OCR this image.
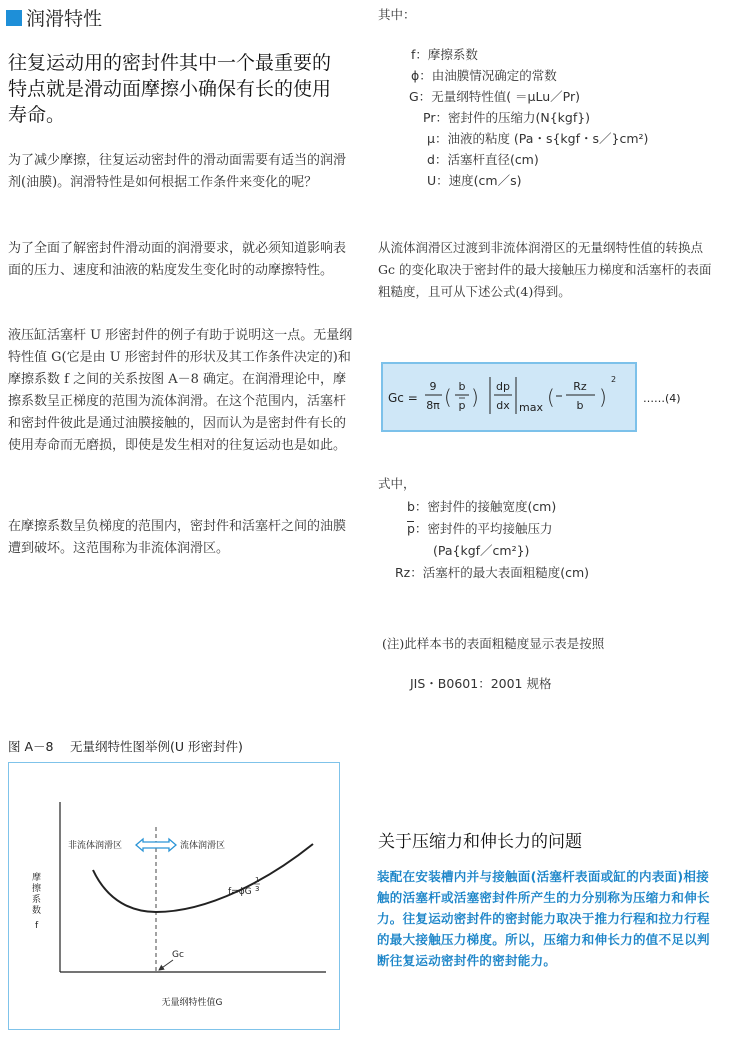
润滑特性
往复运动用的密封件其中一个最重要的特点就是滑动面摩擦小确保有长的使用寿命。
为了减少摩擦，往复运动密封件的滑动面需要有适当的润滑剂(油膜)。润滑特性是如何根据工作条件来变化的呢？
为了全面了解密封件滑动面的润滑要求，就必须知道影响表面的压力、速度和油液的粘度发生变化时的动摩擦特性。
液压缸活塞杆 U 形密封件的例子有助于说明这一点。无量纲特性值 G(它是由 U 形密封件的形状及其工作条件决定的)和摩擦系数 f 之间的关系按图 A－8 确定。在润滑理论中，摩擦系数呈正梯度的范围为流体润滑。在这个范围内，活塞杆和密封件彼此是通过油膜接触的，因而认为是密封件有长的使用寿命而无磨损，即使是发生相对的往复运动也是如此。
在摩擦系数呈负梯度的范围内，密封件和活塞杆之间的油膜遭到破坏。这范围称为非流体润滑区。
其中：
f：摩擦系数
ϕ：由油膜情况确定的常数
G：无量纲特性值( ＝μLu／Pr)
Pr：密封件的压缩力(N{kgf})
μ：油液的粘度 (Pa・s{kgf・s／}cm²)
d：活塞杆直径(cm)
U：速度(cm／s)
从流体润滑区过渡到非流体润滑区的无量纲特性值的转换点 Gc 的变化取决于密封件的最大接触压力梯度和活塞杆的表面粗糙度，且可从下述公式(4)得到。
Gc =
9
8π ( b
p ) dp
dx max ( Rz
b )
2
……(4)
式中，
b：密封件的接触宽度(cm)
p：密封件的平均接触压力
(Pa{kgf／cm²})
Rz：活塞杆的最大表面粗糙度(cm)
(注)此样本书的表面粗糙度显示表是按照
JIS・B0601：2001 规格
图 A－8　 无量纲特性图举例(U 形密封件)
非流体润滑区	流体润滑区
摩
擦
系
数
f
f=ϕG
1
3
Gc
无量纲特性值G
关于压缩力和伸长力的问题
装配在安装槽内并与接触面(活塞杆表面或缸的内表面)相接触的活塞杆或活塞密封件所产生的力分别称为压缩力和伸长力。往复运动密封件的密封能力取决于推力行程和拉力行程的最大接触压力梯度。所以，压缩力和伸长力的值不足以判断往复运动密封件的密封能力。
